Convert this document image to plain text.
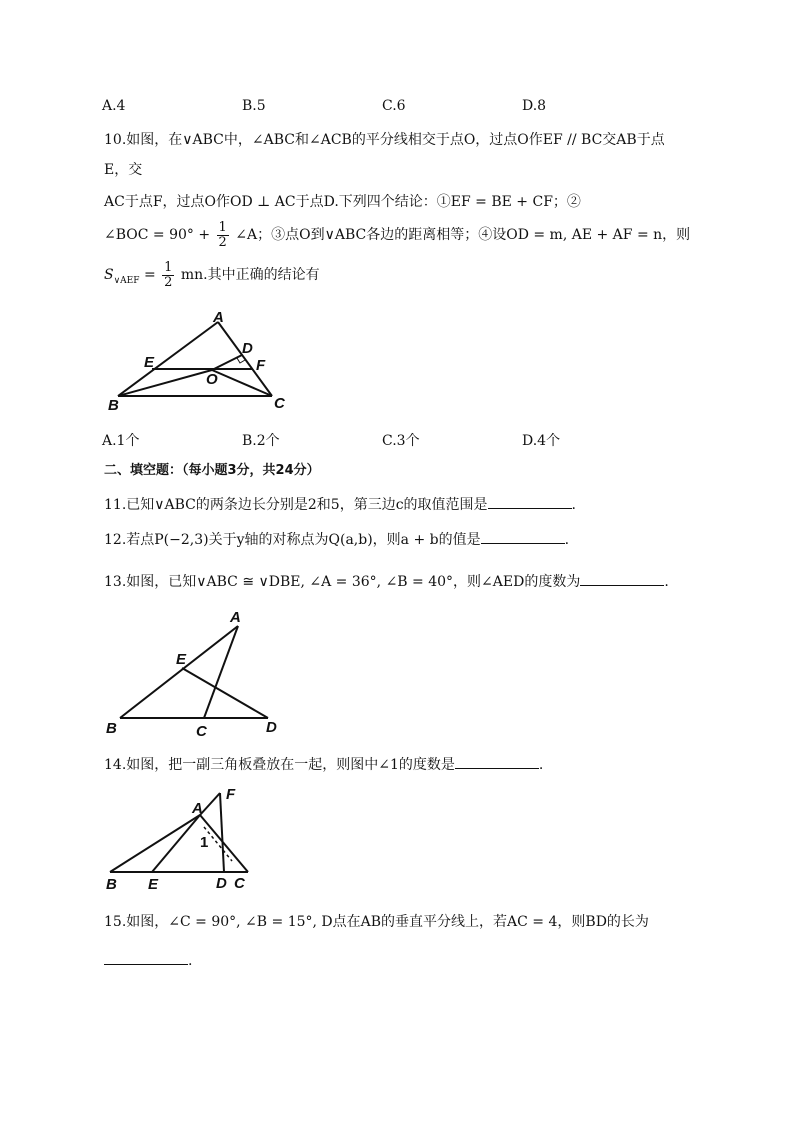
A.4	B.5	C.6	D.8
10.如图，在∨ABC中，∠ABC和∠ACB的平分线相交于点O，过点O作EF // BC交AB于点
E，交
AC于点F，过点O作OD ⊥ AC于点D.下列四个结论：①EF = BE + CF；②
∠BOC = $90^\circ + \frac{1}{2}$ ∠A；③点O到∨ABC各边的距离相等；④设OD = m, AE + AF = n，则
$S_{\vee AEF} = \frac{1}{2}$ mn.其中正确的结论有
A
D
E	F
O
B	C
A.1个	B.2个	C.3个	D.4个
二、填空题：（每小题3分，共24分）
11.已知∨ABC的两条边长分别是2和5，第三边c的取值范围是	.
12.若点P(−2,3)关于y轴的对称点为Q(a,b)，则a + b的值是	.
13.如图，已知∨ABC ≅ ∨DBE, ∠A = 36°, ∠B = 40°，则∠AED的度数为	.
A
E
B	C	D
14.如图，把一副三角板叠放在一起，则图中∠1的度数是	.
A
F
1
B E	D C
15.如图，∠C = 90°, ∠B = 15°, D点在AB的垂直平分线上，若AC = 4，则BD的长为
.
